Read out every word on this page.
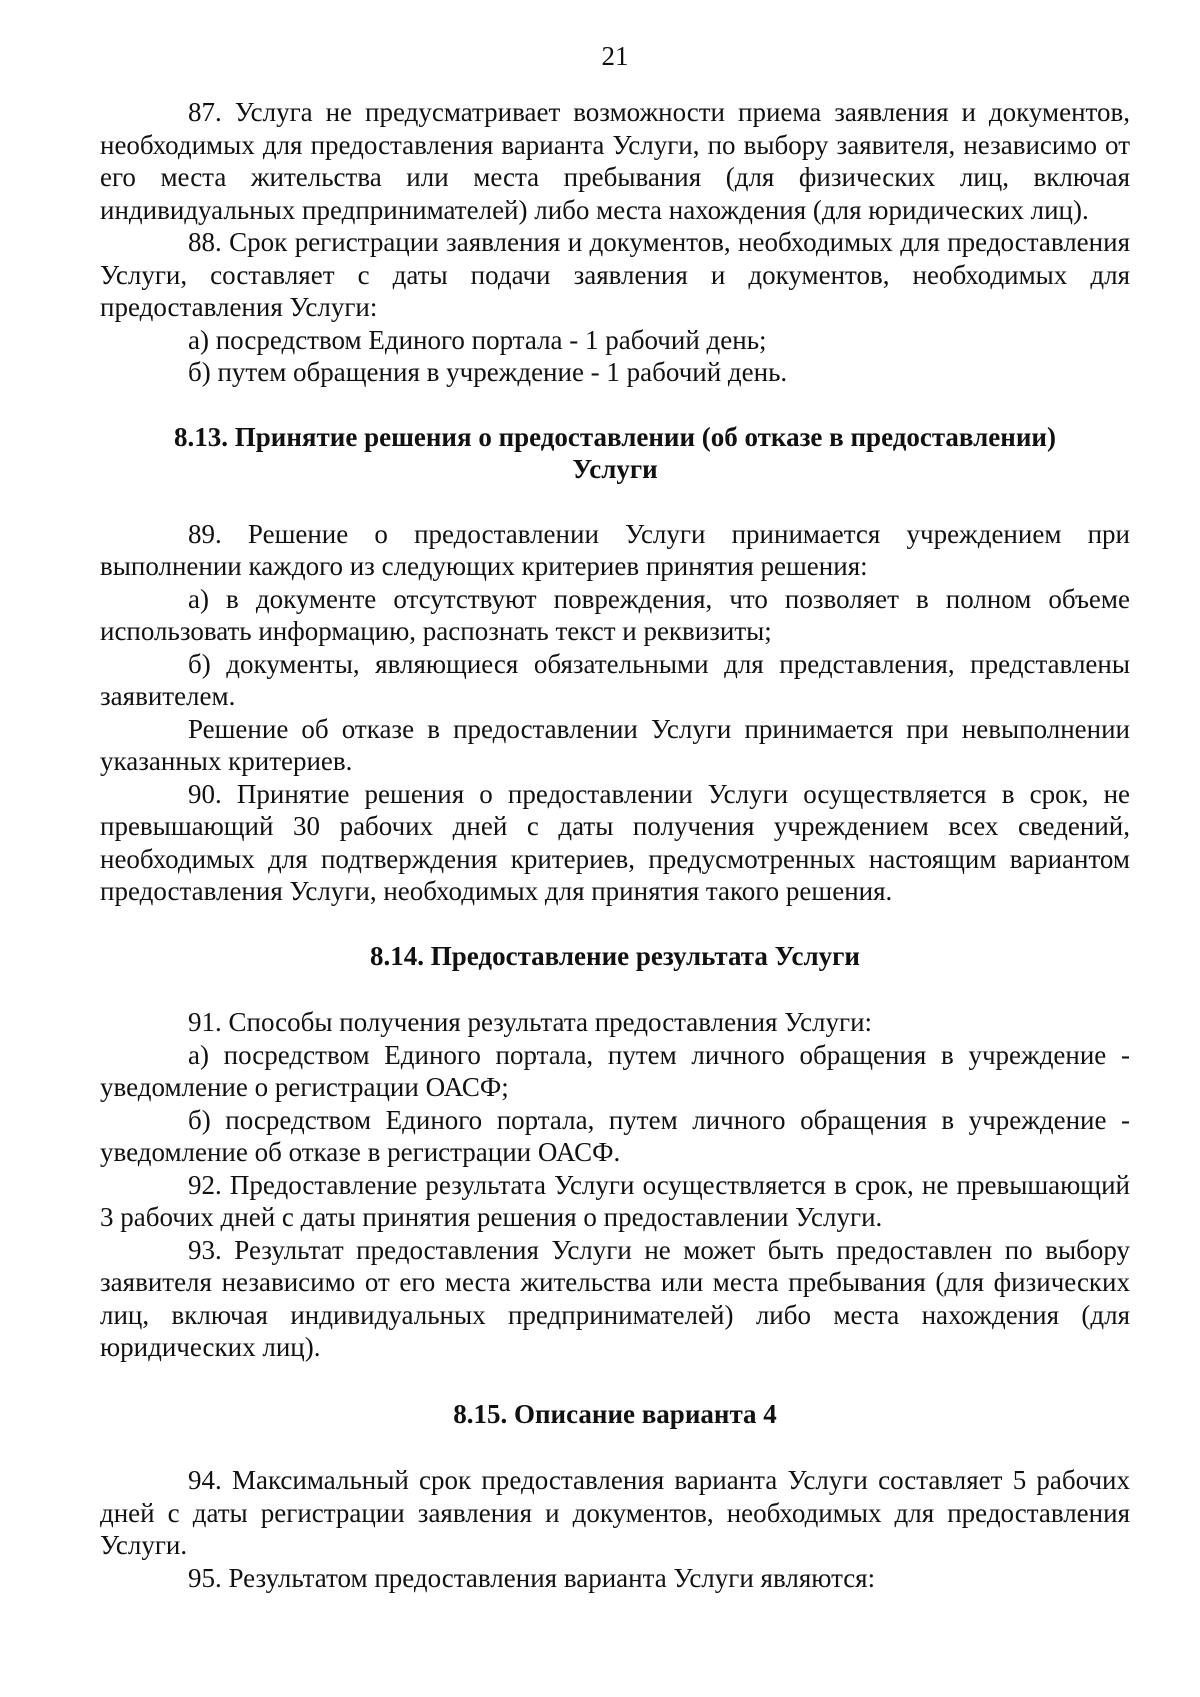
21

87. Услуга не предусматривает возможности приема заявления и документов, необходимых для предоставления варианта Услуги, по выбору заявителя, независимо от его места жительства или места пребывания (для физических лиц, включая индивидуальных предпринимателей) либо места нахождения (для юридических лиц).

88. Срок регистрации заявления и документов, необходимых для предоставления Услуги, составляет с даты подачи заявления и документов, необходимых для предоставления Услуги:

а) посредством Единого портала - 1 рабочий день;

б) путем обращения в учреждение - 1 рабочий день.

8.13. Принятие решения о предоставлении (об отказе в предоставлении)
Услуги

89. Решение о предоставлении Услуги принимается учреждением при выполнении каждого из следующих критериев принятия решения:

а) в документе отсутствуют повреждения, что позволяет в полном объеме использовать информацию, распознать текст и реквизиты;

б) документы, являющиеся обязательными для представления, представлены заявителем.

Решение об отказе в предоставлении Услуги принимается при невыполнении указанных критериев.

90. Принятие решения о предоставлении Услуги осуществляется в срок, не превышающий 30 рабочих дней с даты получения учреждением всех сведений, необходимых для подтверждения критериев, предусмотренных настоящим вариантом предоставления Услуги, необходимых для принятия такого решения.

8.14. Предоставление результата Услуги

91. Способы получения результата предоставления Услуги:

а) посредством Единого портала, путем личного обращения в учреждение - уведомление о регистрации ОАСФ;

б) посредством Единого портала, путем личного обращения в учреждение - уведомление об отказе в регистрации ОАСФ.

92. Предоставление результата Услуги осуществляется в срок, не превышающий 3 рабочих дней с даты принятия решения о предоставлении Услуги.

93. Результат предоставления Услуги не может быть предоставлен по выбору заявителя независимо от его места жительства или места пребывания (для физических лиц, включая индивидуальных предпринимателей) либо места нахождения (для юридических лиц).

8.15. Описание варианта 4

94. Максимальный срок предоставления варианта Услуги составляет 5 рабочих дней с даты регистрации заявления и документов, необходимых для предоставления Услуги.

95. Результатом предоставления варианта Услуги являются:
